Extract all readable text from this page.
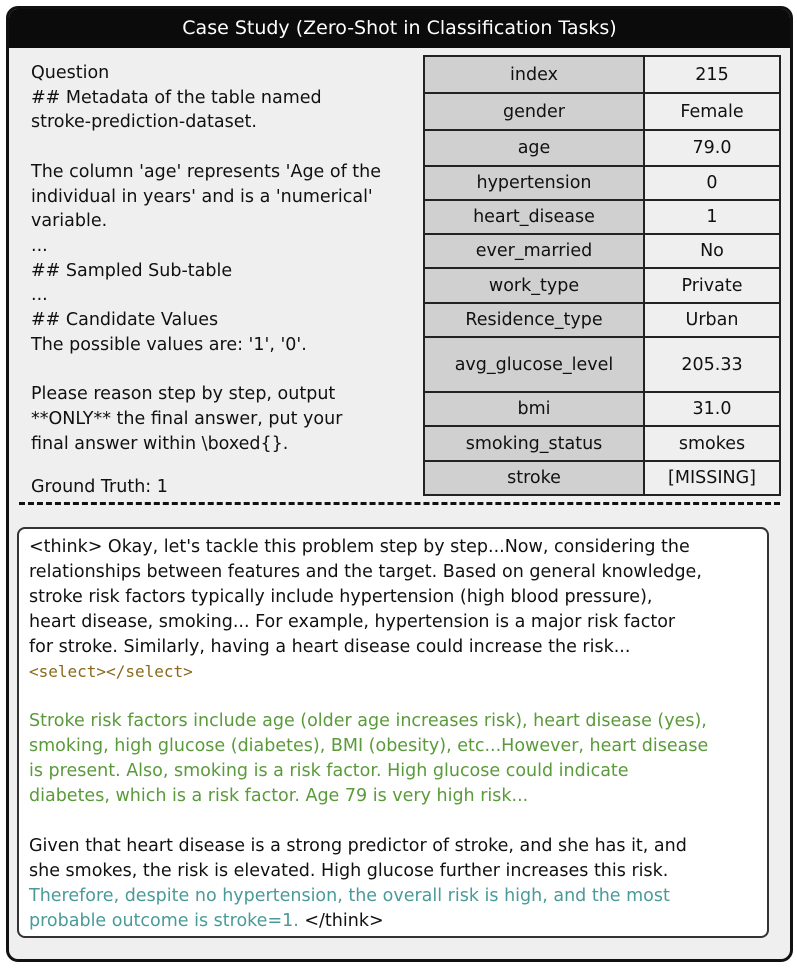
Case Study (Zero-Shot in Classification Tasks)
Question
## Metadata of the table named
stroke-prediction-dataset.
The column 'age' represents 'Age of the
individual in years' and is a 'numerical'
variable.
...
## Sampled Sub-table
...
## Candidate Values
The possible values are: '1', '0'.
Please reason step by step, output
**ONLY** the final answer, put your
final answer within \boxed{}.
Ground Truth: 1
index	215
gender	Female
age	79.0
hypertension	0
heart_disease	1
ever_married	No
work_type	Private
Residence_type	Urban
avg_glucose_level	205.33
bmi	31.0
smoking_status	smokes
stroke	[MISSING]
<think> Okay, let's tackle this problem step by step...Now, considering the
relationships between features and the target. Based on general knowledge,
stroke risk factors typically include hypertension (high blood pressure),
heart disease, smoking... For example, hypertension is a major risk factor
for stroke. Similarly, having a heart disease could increase the risk...
<select></select>
Stroke risk factors include age (older age increases risk), heart disease (yes),
smoking, high glucose (diabetes), BMI (obesity), etc...However, heart disease
is present. Also, smoking is a risk factor. High glucose could indicate
diabetes, which is a risk factor. Age 79 is very high risk...
Given that heart disease is a strong predictor of stroke, and she has it, and
she smokes, the risk is elevated. High glucose further increases this risk.
Therefore, despite no hypertension, the overall risk is high, and the most
probable outcome is stroke=1. </think>
